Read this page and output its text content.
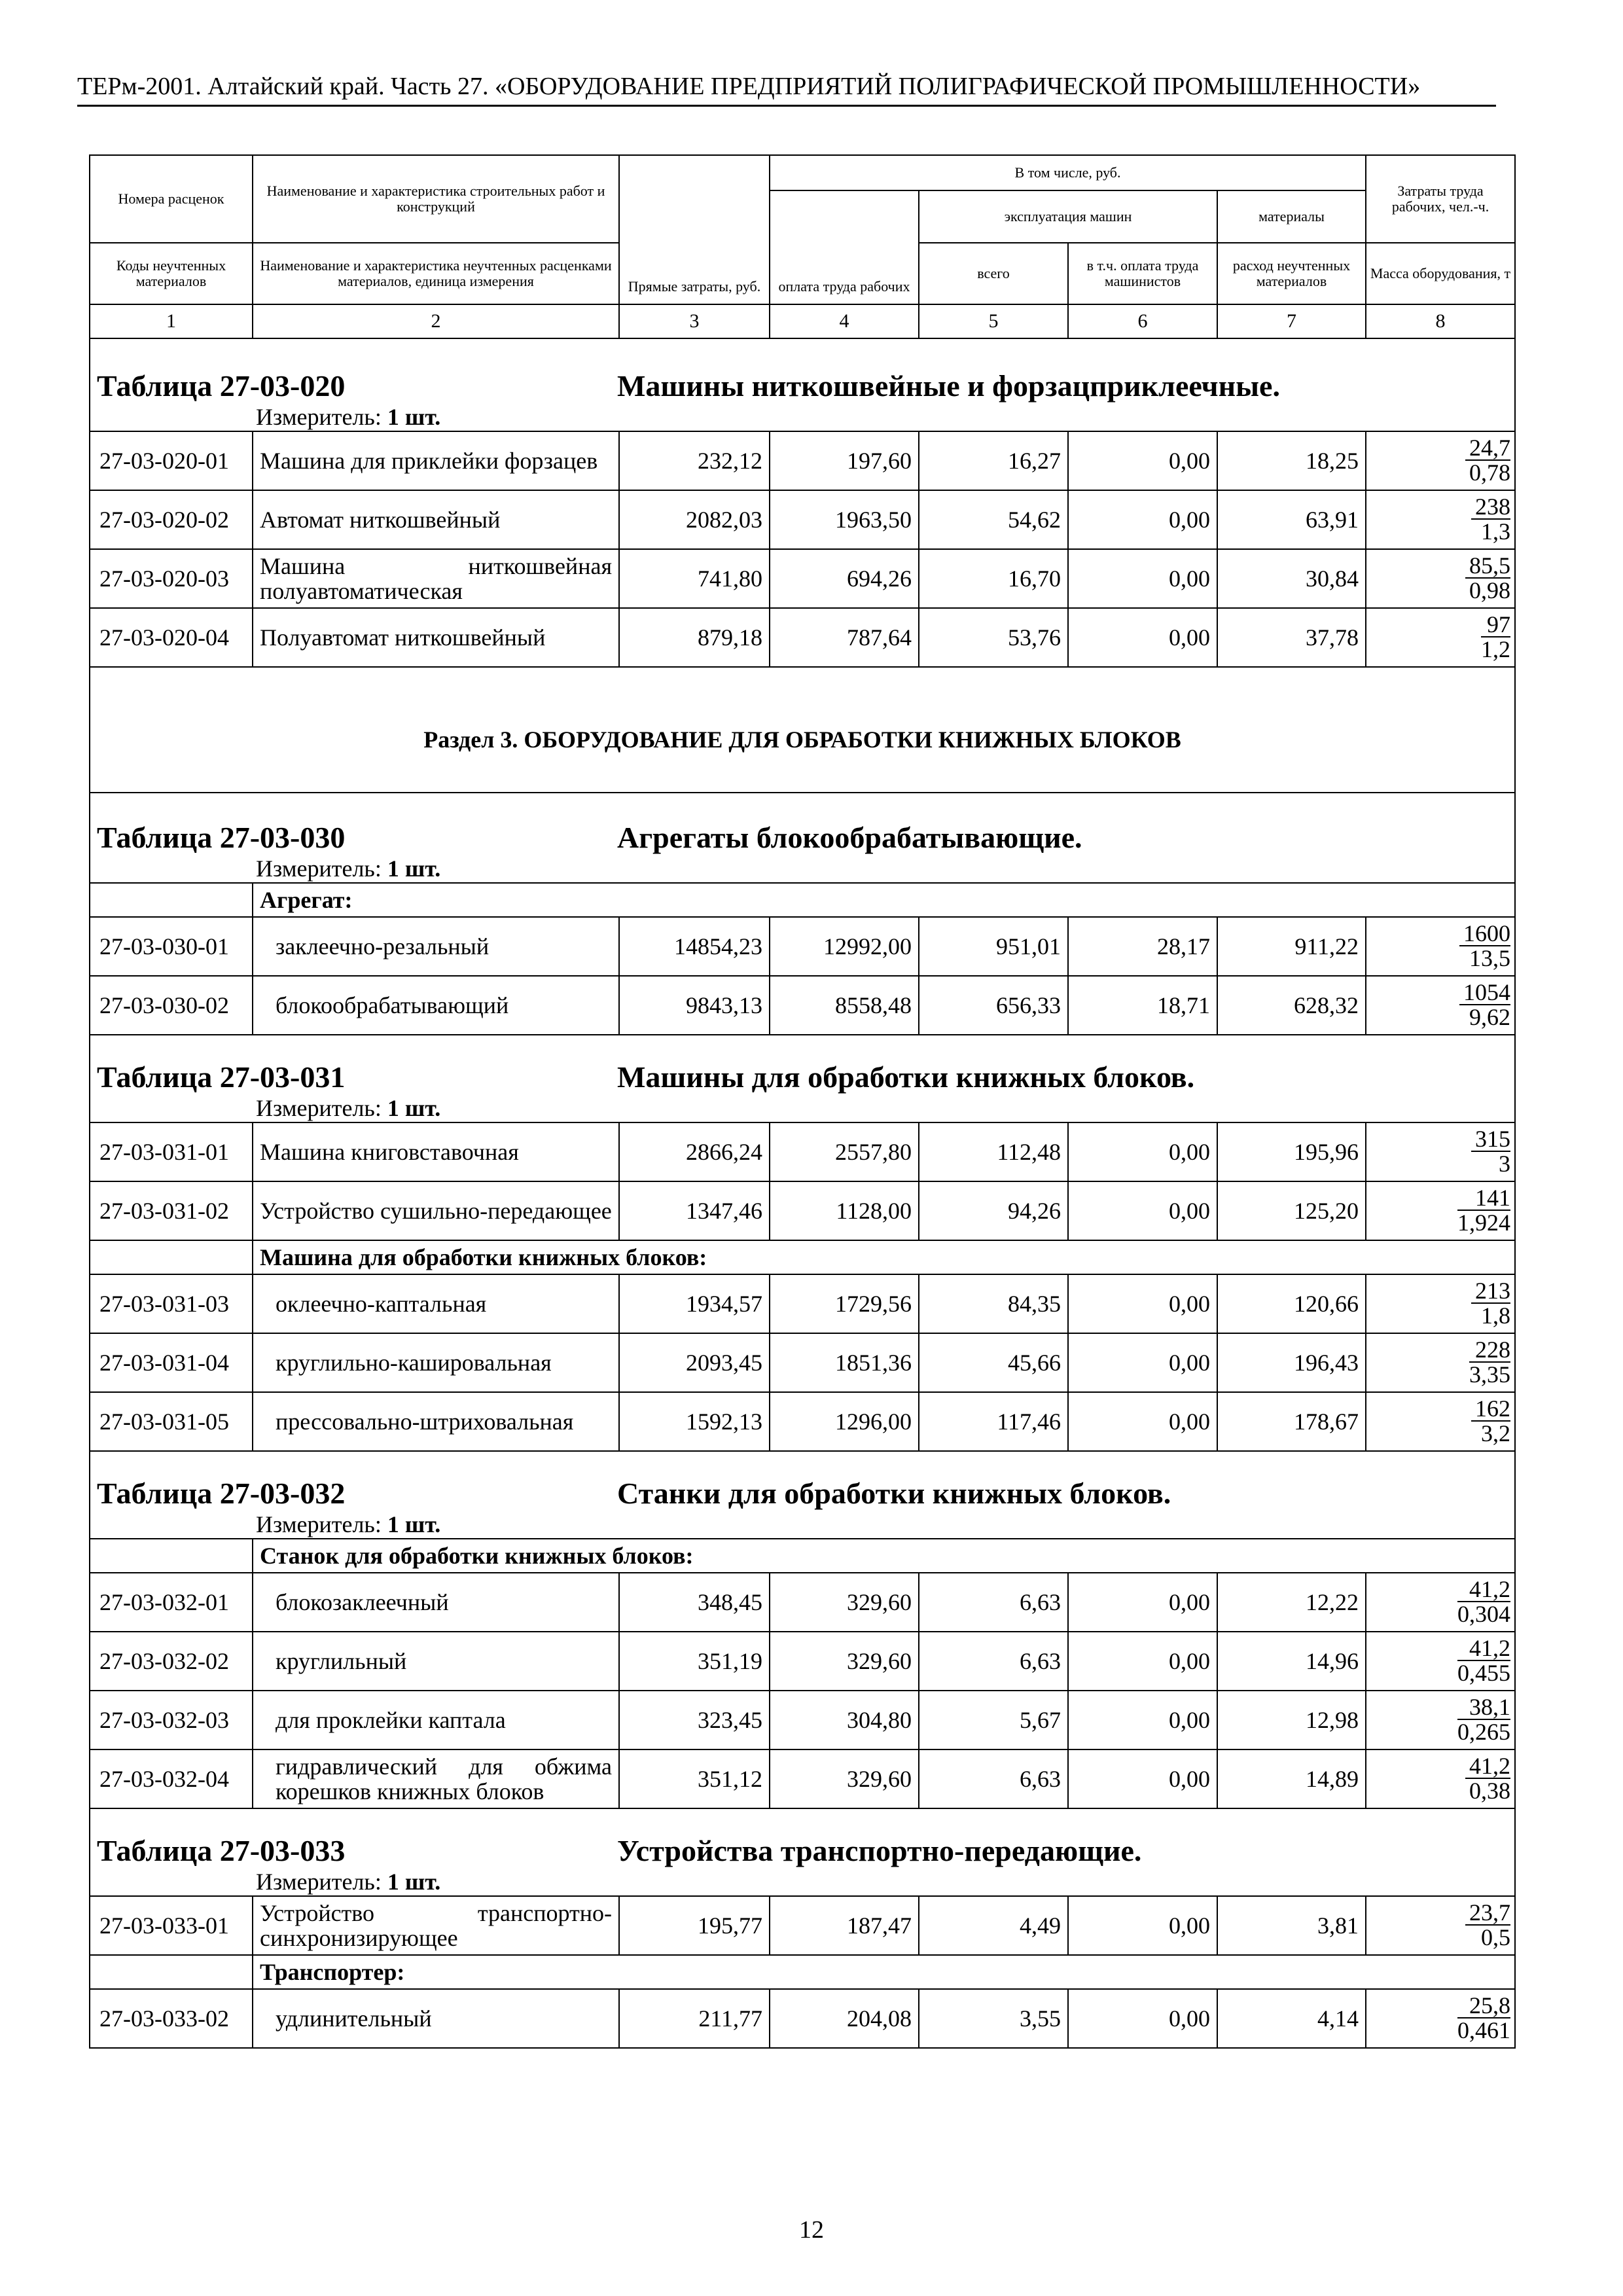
ТЕРм-2001. Алтайский край. Часть 27. «ОБОРУДОВАНИЕ ПРЕДПРИЯТИЙ ПОЛИГРАФИЧЕСКОЙ ПРОМЫШЛЕННОСТИ»
Номера расценок	Наименование и характеристика строительных работ и конструкций	Прямые затраты, руб.	В том числе, руб.				Затраты труда рабочих, чел.-ч.
			оплата труда рабочих	эксплуатация машин		материалы	
Коды неучтенных материалов	Наименование и характеристика неучтенных расценками материалов, единица измерения			всего	в т.ч. оплата труда машинистов	расход неучтенных материалов	Масса оборудования, т
1	2	3	4	5	6	7	8
Таблица 27-03-020 Машины ниткошвейные и форзацприклеечные.							
Измеритель: 1 шт.							
27-03-020-01	Машина для приклейки форзацев	232,12	197,60	16,27	0,00	18,25	$\frac{24,7}{0,78}$

27-03-020-02	Автомат ниткошвейный	2082,03	1963,50	54,62	0,00	63,91	$\frac{238}{1,3}$

27-03-020-03	Машина ниткошвейная полуавтоматическая	741,80	694,26	16,70	0,00	30,84	$\frac{85,5}{0,98}$

27-03-020-04	Полуавтомат ниткошвейный	879,18	787,64	53,76	0,00	37,78	$\frac{97}{1,2}$

Раздел 3. ОБОРУДОВАНИЕ ДЛЯ ОБРАБОТКИ КНИЖНЫХ БЛОКОВ							
Таблица 27-03-030 Агрегаты блокообрабатывающие.							
Измеритель: 1 шт.							
	Агрегат:						
27-03-030-01	заклеечно-резальный	14854,23	12992,00	951,01	28,17	911,22	$\frac{1600}{13,5}$

27-03-030-02	блокообрабатывающий	9843,13	8558,48	656,33	18,71	628,32	$\frac{1054}{9,62}$

Таблица 27-03-031 Машины для обработки книжных блоков.							
Измеритель: 1 шт.							
27-03-031-01	Машина книговставочная	2866,24	2557,80	112,48	0,00	195,96	$\frac{315}{3}$

27-03-031-02	Устройство сушильно-передающее	1347,46	1128,00	94,26	0,00	125,20	$\frac{141}{1,924}$

	Машина для обработки книжных блоков:						
27-03-031-03	оклеечно-каптальная	1934,57	1729,56	84,35	0,00	120,66	$\frac{213}{1,8}$

27-03-031-04	круглильно-кашировальная	2093,45	1851,36	45,66	0,00	196,43	$\frac{228}{3,35}$

27-03-031-05	прессовально-штриховальная	1592,13	1296,00	117,46	0,00	178,67	$\frac{162}{3,2}$

Таблица 27-03-032 Станки для обработки книжных блоков.							
Измеритель: 1 шт.							
	Станок для обработки книжных блоков:						
27-03-032-01	блокозаклеечный	348,45	329,60	6,63	0,00	12,22	$\frac{41,2}{0,304}$

27-03-032-02	круглильный	351,19	329,60	6,63	0,00	14,96	$\frac{41,2}{0,455}$

27-03-032-03	для проклейки каптала	323,45	304,80	5,67	0,00	12,98	$\frac{38,1}{0,265}$

27-03-032-04	гидравлический для обжима корешков книжных блоков	351,12	329,60	6,63	0,00	14,89	$\frac{41,2}{0,38}$

Таблица 27-03-033 Устройства транспортно-передающие.							
Измеритель: 1 шт.							
27-03-033-01	Устройство транспортно-синхронизирующее	195,77	187,47	4,49	0,00	3,81	$\frac{23,7}{0,5}$

	Транспортер:						
27-03-033-02	удлинительный	211,77	204,08	3,55	0,00	4,14	$\frac{25,8}{0,461}$
12
